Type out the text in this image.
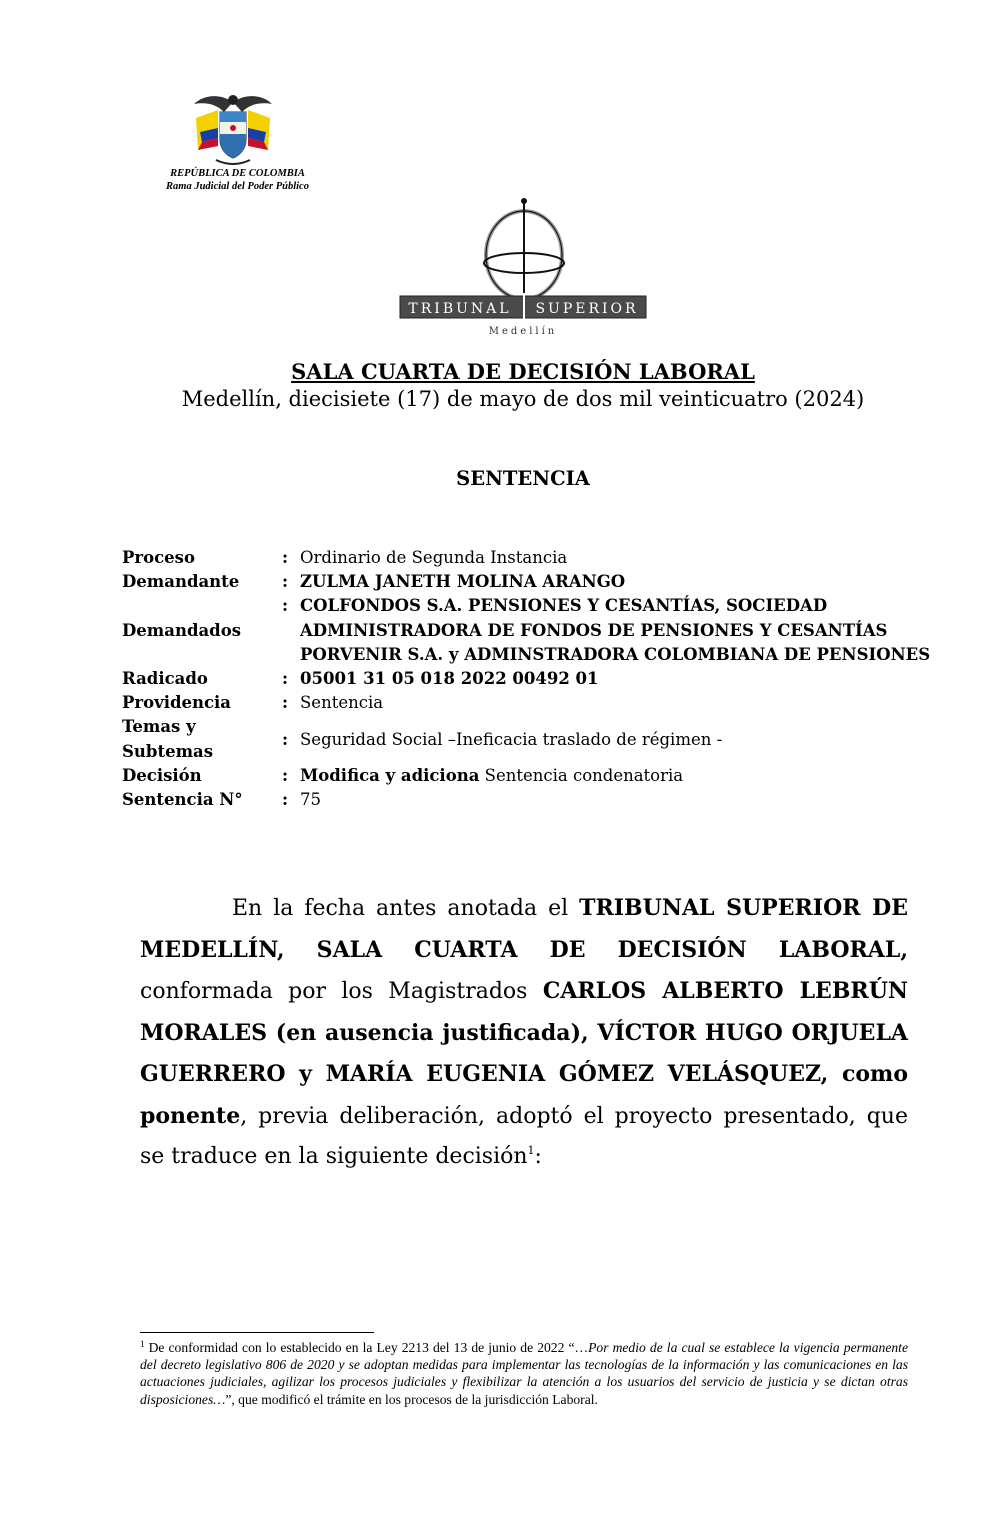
REPÚBLICA DE COLOMBIA
Rama Judicial del Poder Público
TRIBUNAL SUPERIOR
Medellín
SALA CUARTA DE DECISIÓN LABORAL
Medellín, diecisiete (17) de mayo de dos mil veinticuatro (2024)
SENTENCIA
Proceso	: Ordinario de Segunda Instancia
Demandante	: ZULMA JANETH MOLINA ARANGO
: COLFONDOS S.A. PENSIONES Y CESANTÍAS, SOCIEDAD
Demandados	ADMINISTRADORA DE FONDOS DE PENSIONES Y CESANTÍAS
PORVENIR S.A. y ADMINSTRADORA COLOMBIANA DE PENSIONES
Radicado	: 05001 31 05 018 2022 00492 01
Providencia	: Sentencia
Temas y
Subtemas
: Seguridad Social –Ineficacia traslado de régimen -
Decisión	: Modifica y adiciona Sentencia condenatoria
Sentencia N° : 75
En la fecha antes anotada el TRIBUNAL SUPERIOR DE MEDELLÍN, SALA CUARTA DE DECISIÓN LABORAL, conformada por los Magistrados CARLOS ALBERTO LEBRÚN MORALES (en ausencia justificada), VÍCTOR HUGO ORJUELA GUERRERO y MARÍA EUGENIA GÓMEZ VELÁSQUEZ, como ponente, previa deliberación, adoptó el proyecto presentado, que se traduce en la siguiente decisión$^1$:
$^1$ De conformidad con lo establecido en la Ley 2213 del 13 de junio de 2022 “…Por medio de la cual se establece la vigencia permanente del decreto legislativo 806 de 2020 y se adoptan medidas para implementar las tecnologías de la información y las comunicaciones en las actuaciones judiciales, agilizar los procesos judiciales y flexibilizar la atención a los usuarios del servicio de justicia y se dictan otras disposiciones…”, que modificó el trámite en los procesos de la jurisdicción Laboral.
